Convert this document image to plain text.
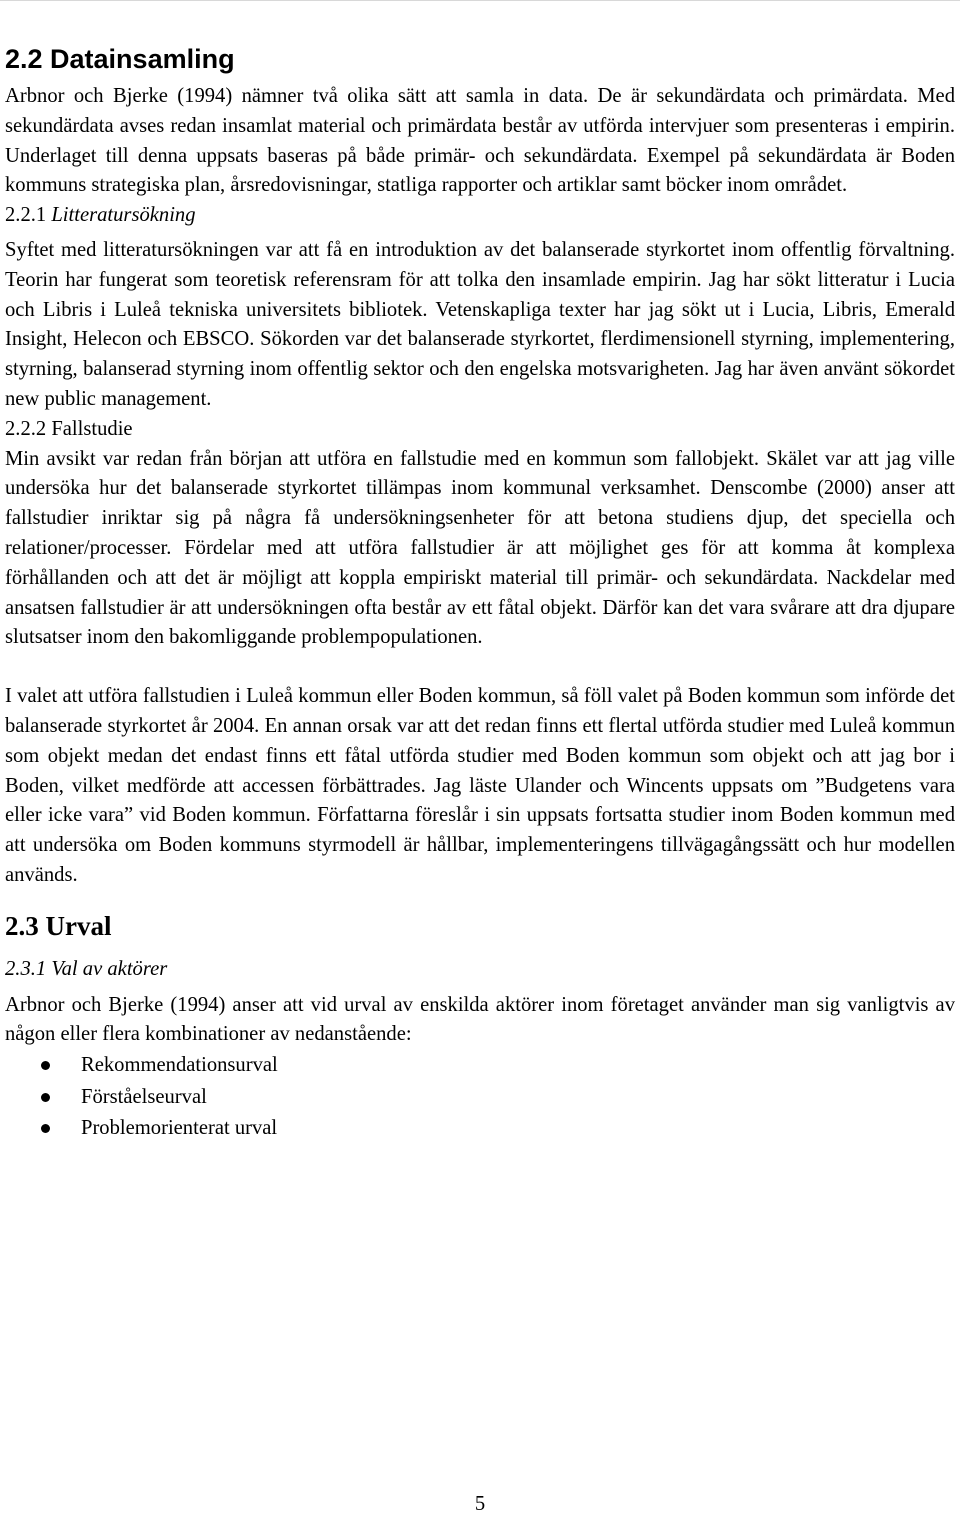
2.2 Datainsamling

Arbnor och Bjerke (1994) nämner två olika sätt att samla in data. De är sekundärdata och primärdata. Med sekundärdata avses redan insamlat material och primärdata består av utförda intervjuer som presenteras i empirin. Underlaget till denna uppsats baseras på både primär- och sekundärdata. Exempel på sekundärdata är Boden kommuns strategiska plan, årsredovisningar, statliga rapporter och artiklar samt böcker inom området.

2.2.1 Litteratursökning

Syftet med litteratursökningen var att få en introduktion av det balanserade styrkortet inom offentlig förvaltning. Teorin har fungerat som teoretisk referensram för att tolka den insamlade empirin. Jag har sökt litteratur i Lucia och Libris i Luleå tekniska universitets bibliotek. Vetenskapliga texter har jag sökt ut i Lucia, Libris, Emerald Insight, Helecon och EBSCO. Sökorden var det balanserade styrkortet, flerdimensionell styrning, implementering, styrning, balanserad styrning inom offentlig sektor och den engelska motsvarigheten. Jag har även använt sökordet new public management.

2.2.2 Fallstudie

Min avsikt var redan från början att utföra en fallstudie med en kommun som fallobjekt. Skälet var att jag ville undersöka hur det balanserade styrkortet tillämpas inom kommunal verksamhet. Denscombe (2000) anser att fallstudier inriktar sig på några få undersökningsenheter för att betona studiens djup, det speciella och relationer/processer. Fördelar med att utföra fallstudier är att möjlighet ges för att komma åt komplexa förhållanden och att det är möjligt att koppla empiriskt material till primär- och sekundärdata. Nackdelar med ansatsen fallstudier är att undersökningen ofta består av ett fåtal objekt. Därför kan det vara svårare att dra djupare slutsatser inom den bakomliggande problempopulationen.

I valet att utföra fallstudien i Luleå kommun eller Boden kommun, så föll valet på Boden kommun som införde det balanserade styrkortet år 2004. En annan orsak var att det redan finns ett flertal utförda studier med Luleå kommun som objekt medan det endast finns ett fåtal utförda studier med Boden kommun som objekt och att jag bor i Boden, vilket medförde att accessen förbättrades. Jag läste Ulander och Wincents uppsats om ”Budgetens vara eller icke vara” vid Boden kommun. Författarna föreslår i sin uppsats fortsatta studier inom Boden kommun med att undersöka om Boden kommuns styrmodell är hållbar, implementeringens tillvägagångssätt och hur modellen används.

2.3 Urval
2.3.1 Val av aktörer

Arbnor och Bjerke (1994) anser att vid urval av enskilda aktörer inom företaget använder man sig vanligtvis av någon eller flera kombinationer av nedanstående:

Rekommendationsurval
Förståelseurval
Problemorienterat urval
5
